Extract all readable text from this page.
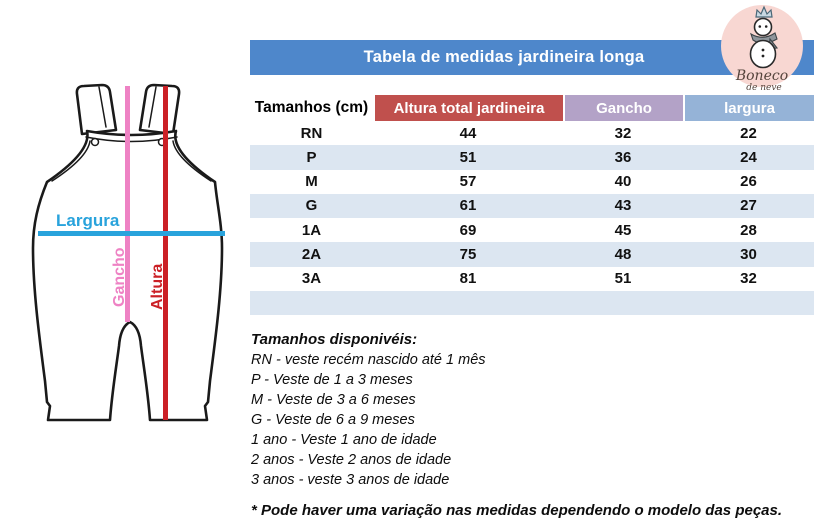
Largura
Gancho Altura
Tabela de medidas jardineira longa
Boneco
de neve
Tamanhos (cm)	Altura total jardineira	Gancho	largura
RN	44	32	22
P	51	36	24
M	57	40	26
G	61	43	27
1A	69	45	28
2A	75	48	30
3A	81	51	32
Tamanhos disponivéis:
RN - veste recém nascido até 1 mês
P - Veste de 1 a 3 meses
M - Veste de 3 a 6 meses
G - Veste de 6 a 9 meses
1 ano - Veste 1 ano de idade
2 anos - Veste 2 anos de idade
3 anos - veste 3 anos de idade
* Pode haver uma variação nas medidas dependendo o modelo das peças.
